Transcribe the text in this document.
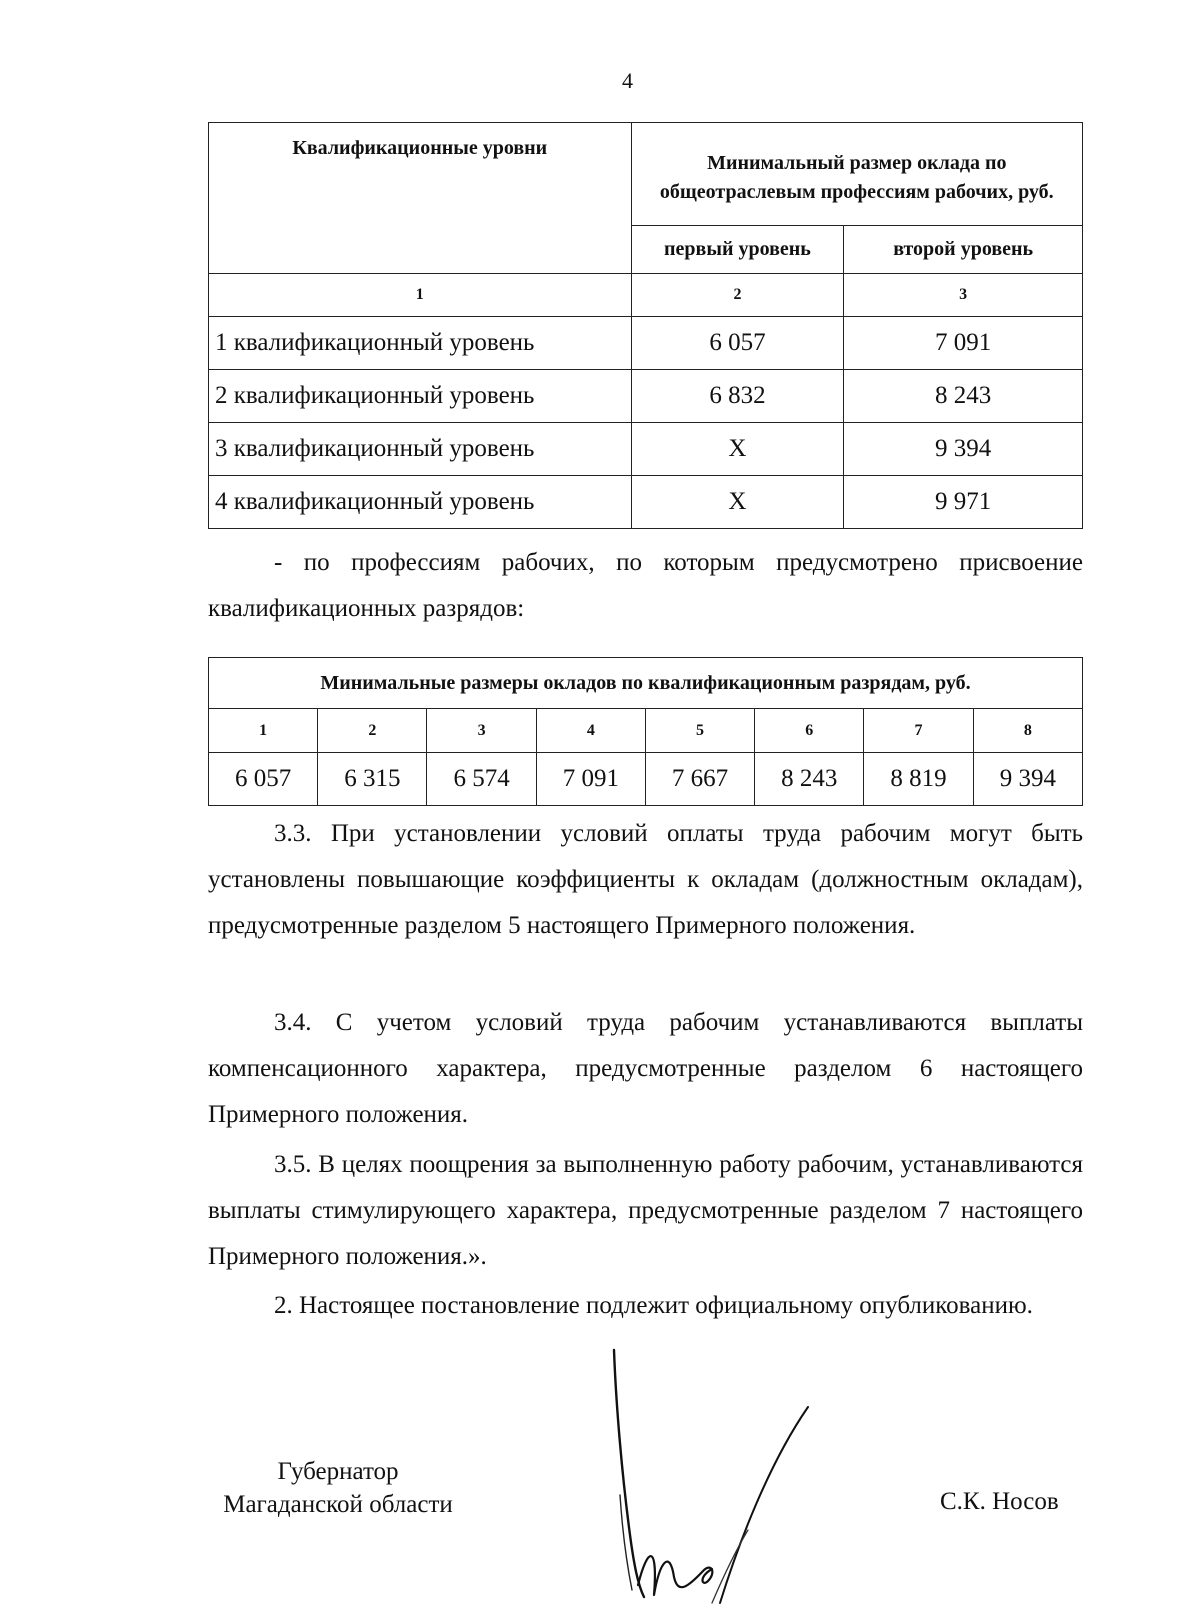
4
Квалификационные уровни	Минимальный размер оклада по общеотраслевым профессиям рабочих, руб.	
	первый уровень	второй уровень
1	2	3
1 квалификационный уровень	6 057	7 091
2 квалификационный уровень	6 832	8 243
3 квалификационный уровень	Х	9 394
4 квалификационный уровень	Х	9 971
- по профессиям рабочих, по которым предусмотрено присвоение
квалификационных разрядов:
Минимальные размеры окладов по квалификационным разрядам, руб.							
1	2	3	4	5	6	7	8
6 057	6 315	6 574	7 091	7 667	8 243	8 819	9 394

3.3. При установлении условий оплаты труда рабочим могут быть установлены повышающие коэффициенты к окладам (должностным окладам), предусмотренные разделом 5 настоящего Примерного положения.

3.4. С учетом условий труда рабочим устанавливаются выплаты компенсационного характера, предусмотренные разделом 6 настоящего Примерного положения.

3.5. В целях поощрения за выполненную работу рабочим, устанавливаются выплаты стимулирующего характера, предусмотренные разделом 7 настоящего Примерного положения.».

2. Настоящее постановление подлежит официальному опубликованию.

Губернатор
Магаданской области	С.К. Носов
